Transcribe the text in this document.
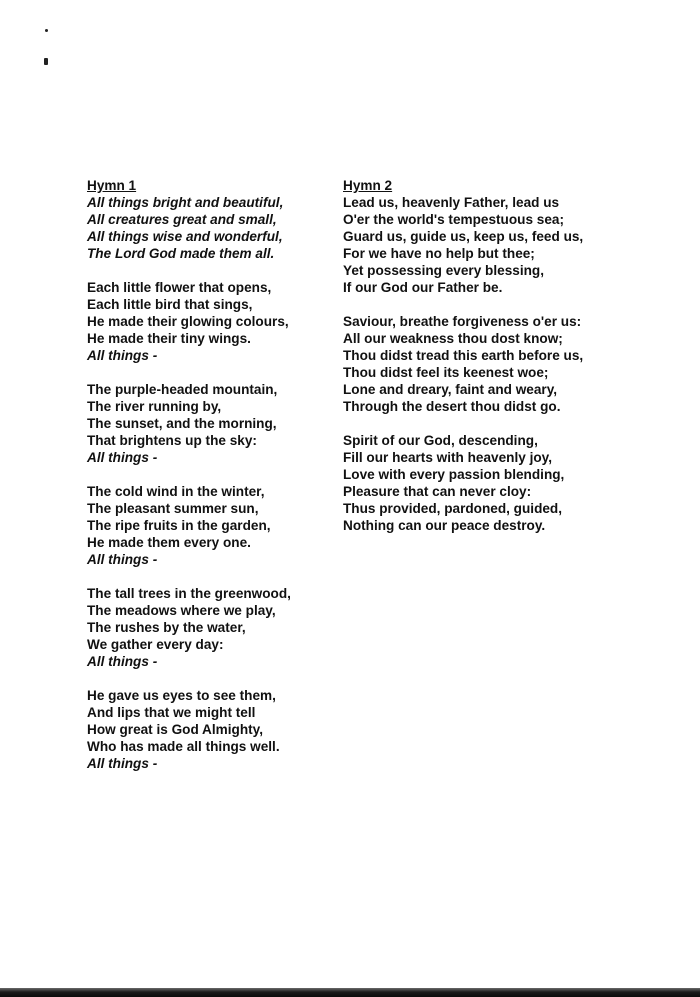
Hymn 1
All things bright and beautiful,
All creatures great and small,
All things wise and wonderful,
The Lord God made them all.
Each little flower that opens,
Each little bird that sings,
He made their glowing colours,
He made their tiny wings.
All things -
The purple-headed mountain,
The river running by,
The sunset, and the morning,
That brightens up the sky:
All things -
The cold wind in the winter,
The pleasant summer sun,
The ripe fruits in the garden,
He made them every one.
All things -
The tall trees in the greenwood,
The meadows where we play,
The rushes by the water,
We gather every day:
All things -
He gave us eyes to see them,
And lips that we might tell
How great is God Almighty,
Who has made all things well.
All things -
Hymn 2
Lead us, heavenly Father, lead us
O'er the world's tempestuous sea;
Guard us, guide us, keep us, feed us,
For we have no help but thee;
Yet possessing every blessing,
If our God our Father be.
Saviour, breathe forgiveness o'er us:
All our weakness thou dost know;
Thou didst tread this earth before us,
Thou didst feel its keenest woe;
Lone and dreary, faint and weary,
Through the desert thou didst go.
Spirit of our God, descending,
Fill our hearts with heavenly joy,
Love with every passion blending,
Pleasure that can never cloy:
Thus provided, pardoned, guided,
Nothing can our peace destroy.
